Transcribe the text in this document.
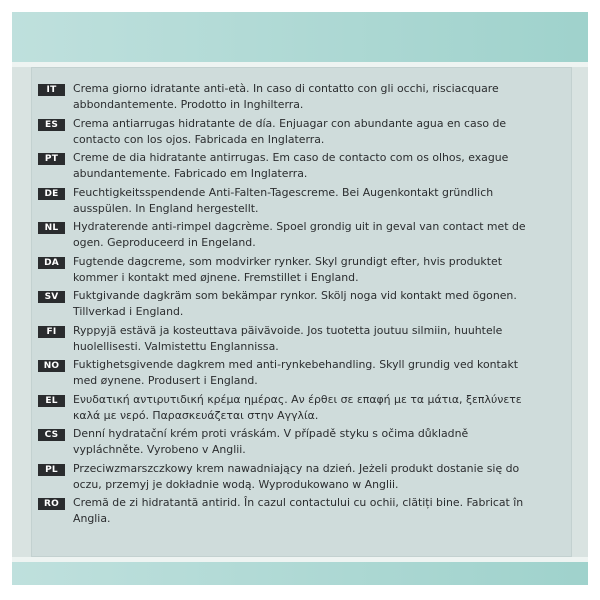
IT	Crema giorno idratante anti-età. In caso di contatto con gli occhi, risciacquare
abbondantemente. Prodotto in Inghilterra.
ES	Crema antiarrugas hidratante de día. Enjuagar con abundante agua en caso de
contacto con los ojos. Fabricada en Inglaterra.
PT	Creme de dia hidratante antirrugas. Em caso de contacto com os olhos, exague
abundantemente. Fabricado em Inglaterra.
DE	Feuchtigkeitsspendende Anti-Falten-Tagescreme. Bei Augenkontakt gründlich
ausspülen. In England hergestellt.
NL	Hydraterende anti-rimpel dagcrème. Spoel grondig uit in geval van contact met de
ogen. Geproduceerd in Engeland.
DA	Fugtende dagcreme, som modvirker rynker. Skyl grundigt efter, hvis produktet
kommer i kontakt med øjnene. Fremstillet i England.
SV	Fuktgivande dagkräm som bekämpar rynkor. Skölj noga vid kontakt med ögonen.
Tillverkad i England.
FI	Ryppyjä estävä ja kosteuttava päivävoide. Jos tuotetta joutuu silmiin, huuhtele
huolellisesti. Valmistettu Englannissa.
NO	Fuktighetsgivende dagkrem med anti-rynkebehandling. Skyll grundig ved kontakt
med øynene. Produsert i England.
EL	Ενυδατική αντιρυτιδική κρέμα ημέρας. Αν έρθει σε επαφή με τα μάτια, ξεπλύνετε
καλά με νερό. Παρασκευάζεται στην Αγγλία.
CS	Denní hydratační krém proti vráskám. V případě styku s očima důkladně
vypláchněte. Vyrobeno v Anglii.
PL	Przeciwzmarszczkowy krem nawadniający na dzień. Jeżeli produkt dostanie się do
oczu, przemyj je dokładnie wodą. Wyprodukowano w Anglii.
RO	Cremă de zi hidratantă antirid. În cazul contactului cu ochii, clătiți bine. Fabricat în
Anglia.
